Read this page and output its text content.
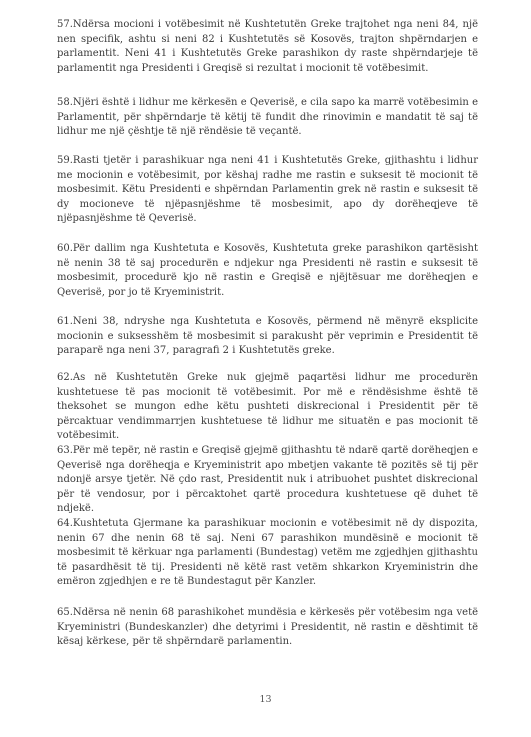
57.Ndërsa mocioni i votëbesimit në Kushtetutën Greke trajtohet nga neni 84, një nen specifik, ashtu si neni 82 i Kushtetutës së Kosovës, trajton shpërndarjen e parlamentit. Neni 41 i Kushtetutës Greke parashikon dy raste shpërndarjeje të parlamentit nga Presidenti i Greqisë si rezultat i mocionit të votëbesimit.

58.Njëri është i lidhur me kërkesën e Qeverisë, e cila sapo ka marrë votëbesimin e Parlamentit, për shpërndarje të këtij të fundit dhe rinovimin e mandatit të saj të lidhur me një çështje të një rëndësie të veçantë.

59.Rasti tjetër i parashikuar nga neni 41 i Kushtetutës Greke, gjithashtu i lidhur me mocionin e votëbesimit, por këshaj radhe me rastin e suksesit të mocionit të mosbesimit. Këtu Presidenti e shpërndan Parlamentin grek në rastin e suksesit të dy mocioneve të njëpasnjëshme të mosbesimit, apo dy dorëheqjeve të njëpasnjëshme të Qeverisë.

60.Për dallim nga Kushtetuta e Kosovës, Kushtetuta greke parashikon qartësisht në nenin 38 të saj procedurën e ndjekur nga Presidenti në rastin e suksesit të mosbesimit, procedurë kjo në rastin e Greqisë e njëjtësuar me dorëheqjen e Qeverisë, por jo të Kryeministrit.

61.Neni 38, ndryshe nga Kushtetuta e Kosovës, përmend në mënyrë eksplicite mocionin e suksesshëm të mosbesimit si parakusht për veprimin e Presidentit të paraparë nga neni 37, paragrafi 2 i Kushtetutës greke.

62.As në Kushtetutën Greke nuk gjejmë paqartësi lidhur me procedurën kushtetuese të pas mocionit të votëbesimit. Por më e rëndësishme është të theksohet se mungon edhe këtu pushteti diskrecional i Presidentit për të përcaktuar vendimmarrjen kushtetuese të lidhur me situatën e pas mocionit të votëbesimit.

63.Për më tepër, në rastin e Greqisë gjejmë gjithashtu të ndarë qartë dorëheqjen e Qeverisë nga dorëheqja e Kryeministrit apo mbetjen vakante të pozitës së tij për ndonjë arsye tjetër. Në çdo rast, Presidentit nuk i atribuohet pushtet diskrecional për të vendosur, por i përcaktohet qartë procedura kushtetuese që duhet të ndjekë.

64.Kushtetuta Gjermane ka parashikuar mocionin e votëbesimit në dy dispozita, nenin 67 dhe nenin 68 të saj. Neni 67 parashikon mundësinë e mocionit të mosbesimit të kërkuar nga parlamenti (Bundestag) vetëm me zgjedhjen gjithashtu të pasardhësit të tij. Presidenti në këtë rast vetëm shkarkon Kryeministrin dhe emëron zgjedhjen e re të Bundestagut për Kanzler.

65.Ndërsa në nenin 68 parashikohet mundësia e kërkesës për votëbesim nga vetë Kryeministri (Bundeskanzler) dhe detyrimi i Presidentit, në rastin e dështimit të kësaj kërkese, për të shpërndarë parlamentin.

13
